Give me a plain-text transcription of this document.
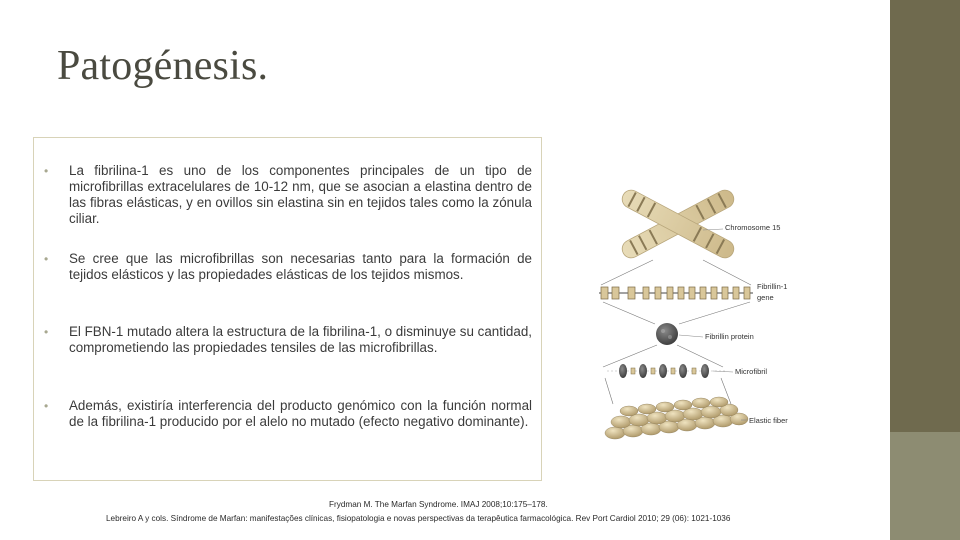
Patogénesis.
• La fibrilina-1 es uno de los componentes principales de un tipo de microfibrillas extracelulares de 10-12 nm, que se asocian a elastina dentro de las fibras elásticas, y en ovillos sin elastina sin en tejidos tales como la zónula ciliar.
• Se cree que las microfibrillas son necesarias tanto para la formación de tejidos elásticos y las propiedades elásticas de los tejidos mismos.
• El FBN-1 mutado altera la estructura de la fibrilina-1, o disminuye su cantidad, comprometiendo las propiedades tensiles de las microfibrillas.
• Además, existiría interferencia del producto genómico con la función normal de la fibrilina-1 producido por el alelo no mutado (efecto negativo dominante).
Chromosome 15
Fibrillin-1
gene
Fibrillin protein
Microfibril
Elastic fiber
Frydman M. The Marfan Syndrome. IMAJ 2008;10:175–178.
Lebreiro A y cols. Síndrome de Marfan: manifestações clínicas, fisiopatologia e novas perspectivas da terapêutica farmacológica. Rev Port Cardiol 2010; 29 (06): 1021-1036
